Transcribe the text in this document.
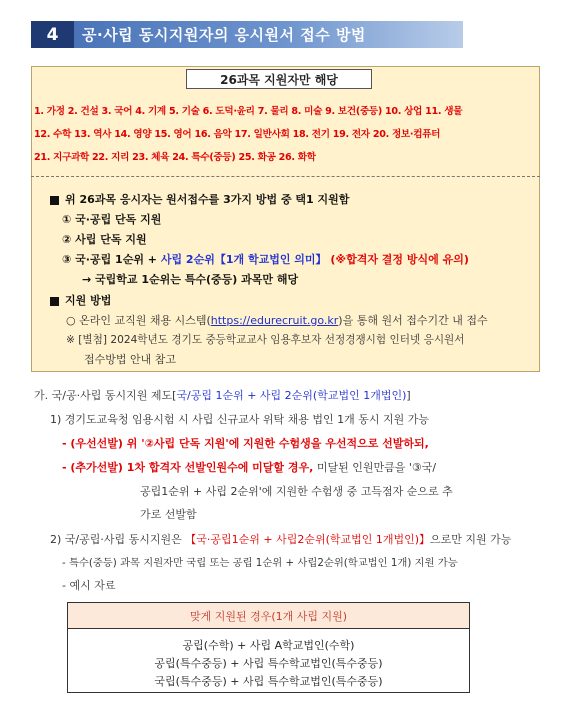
4	공·사립 동시지원자의 응시원서 접수 방법
26과목 지원자만 해당
1. 가정 2. 건설 3. 국어 4. 기계 5. 기술 6. 도덕·윤리 7. 물리 8. 미술 9. 보건(중등) 10. 상업 11. 생물
12. 수학 13. 역사 14. 영양 15. 영어 16. 음악 17. 일반사회 18. 전기 19. 전자 20. 정보·컴퓨터
21. 지구과학 22. 지리 23. 체육 24. 특수(중등) 25. 화공 26. 화학
위 26과목 응시자는 원서접수를 3가지 방법 중 택1 지원함
① 국·공립 단독 지원
② 사립 단독 지원
③ 국·공립 1순위 + 사립 2순위【1개 학교법인 의미】 (※합격자 결정 방식에 유의)
→ 국립학교 1순위는 특수(중등) 과목만 해당
지원 방법
○ 온라인 교직원 채용 시스템(https://edurecruit.go.kr)을 통해 원서 접수기간 내 접수
※ [별첨] 2024학년도 경기도 중등학교교사 임용후보자 선정경쟁시험 인터넷 응시원서
접수방법 안내 참고
가. 국/공·사립 동시지원 제도[국/공립 1순위 + 사립 2순위(학교법인 1개법인)]
1) 경기도교육청 임용시험 시 사립 신규교사 위탁 채용 법인 1개 동시 지원 가능
- (우선선발) 위 '②사립 단독 지원'에 지원한 수험생을 우선적으로 선발하되,
- (추가선발) 1차 합격자 선발인원수에 미달할 경우, 미달된 인원만큼을 '③국/
공립1순위 + 사립 2순위'에 지원한 수험생 중 고득점자 순으로 추
가로 선발함
2) 국/공립·사립 동시지원은 【국·공립1순위 + 사립2순위(학교법인 1개법인)】으로만 지원 가능
- 특수(중등) 과목 지원자만 국립 또는 공립 1순위 + 사립2순위(학교법인 1개) 지원 가능
- 예시 자료
맞게 지원된 경우(1개 사립 지원)
공립(수학) + 사립 A학교법인(수학)
공립(특수중등) + 사립 특수학교법인(특수중등)
국립(특수중등) + 사립 특수학교법인(특수중등)
